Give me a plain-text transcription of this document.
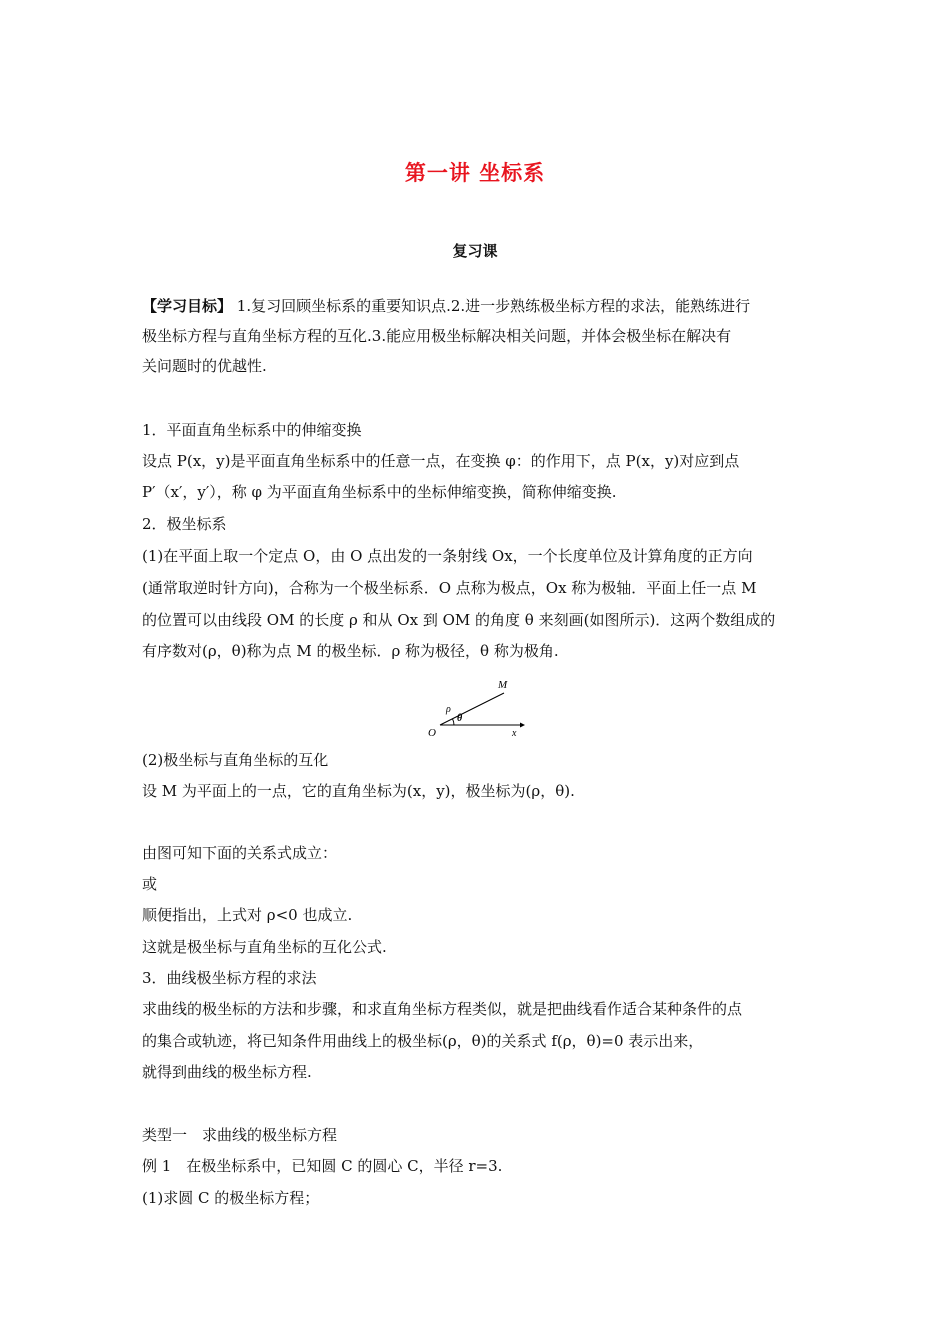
第一讲 坐标系
复习课
【学习目标】 1.复习回顾坐标系的重要知识点.2.进一步熟练极坐标方程的求法，能熟练进行
极坐标方程与直角坐标方程的互化.3.能应用极坐标解决相关问题，并体会极坐标在解决有
关问题时的优越性.
1．平面直角坐标系中的伸缩变换
设点 P(x，y)是平面直角坐标系中的任意一点，在变换 φ：的作用下，点 P(x，y)对应到点
P′（x′，y′），称 φ 为平面直角坐标系中的坐标伸缩变换，简称伸缩变换.
2．极坐标系
(1)在平面上取一个定点 O，由 O 点出发的一条射线 Ox，一个长度单位及计算角度的正方向
(通常取逆时针方向)，合称为一个极坐标系．O 点称为极点，Ox 称为极轴．平面上任一点 M
的位置可以由线段 OM 的长度 ρ 和从 Ox 到 OM 的角度 θ 来刻画(如图所示)．这两个数组成的
有序数对(ρ，θ)称为点 M 的极坐标．ρ 称为极径，θ 称为极角.
M
ρ
θ
O	x
(2)极坐标与直角坐标的互化
设 M 为平面上的一点，它的直角坐标为(x，y)，极坐标为(ρ，θ).
由图可知下面的关系式成立：
或
顺便指出，上式对 ρ<0 也成立.
这就是极坐标与直角坐标的互化公式.
3．曲线极坐标方程的求法
求曲线的极坐标的方法和步骤，和求直角坐标方程类似，就是把曲线看作适合某种条件的点
的集合或轨迹，将已知条件用曲线上的极坐标(ρ，θ)的关系式 f(ρ，θ)=0 表示出来，
就得到曲线的极坐标方程.
类型一　求曲线的极坐标方程
例 1　在极坐标系中，已知圆 C 的圆心 C，半径 r=3.
(1)求圆 C 的极坐标方程；
